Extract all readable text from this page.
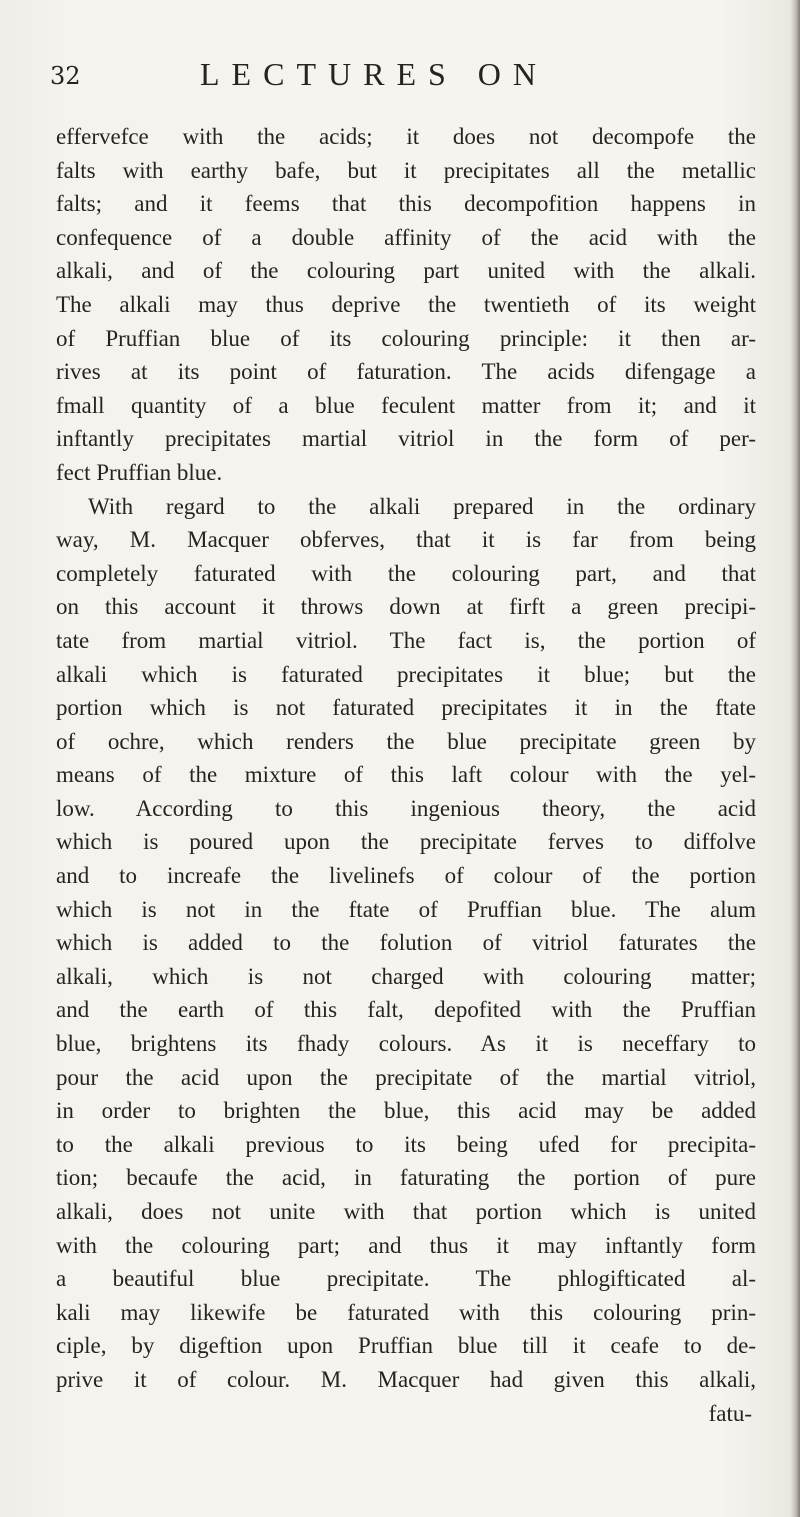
32	LECTURES ON
effervefce with the acids; it does not decompofe the
falts with earthy bafe, but it precipitates all the metallic
falts; and it feems that this decompofition happens in
confequence of a double affinity of the acid with the
alkali, and of the colouring part united with the alkali.
The alkali may thus deprive the twentieth of its weight
of Pruffian blue of its colouring principle: it then ar-
rives at its point of faturation. The acids difengage a
fmall quantity of a blue feculent matter from it; and it
inftantly precipitates martial vitriol in the form of per-
fect Pruffian blue.
With regard to the alkali prepared in the ordinary
way, M. Macquer obferves, that it is far from being
completely faturated with the colouring part, and that
on this account it throws down at firft a green precipi-
tate from martial vitriol. The fact is, the portion of
alkali which is faturated precipitates it blue; but the
portion which is not faturated precipitates it in the ftate
of ochre, which renders the blue precipitate green by
means of the mixture of this laft colour with the yel-
low. According to this ingenious theory, the acid
which is poured upon the precipitate ferves to diffolve
and to increafe the livelinefs of colour of the portion
which is not in the ftate of Pruffian blue. The alum
which is added to the folution of vitriol faturates the
alkali, which is not charged with colouring matter;
and the earth of this falt, depofited with the Pruffian
blue, brightens its fhady colours. As it is neceffary to
pour the acid upon the precipitate of the martial vitriol,
in order to brighten the blue, this acid may be added
to the alkali previous to its being ufed for precipita-
tion; becaufe the acid, in faturating the portion of pure
alkali, does not unite with that portion which is united
with the colouring part; and thus it may inftantly form
a beautiful blue precipitate. The phlogifticated al-
kali may likewife be faturated with this colouring prin-
ciple, by digeftion upon Pruffian blue till it ceafe to de-
prive it of colour. M. Macquer had given this alkali,
fatu-
